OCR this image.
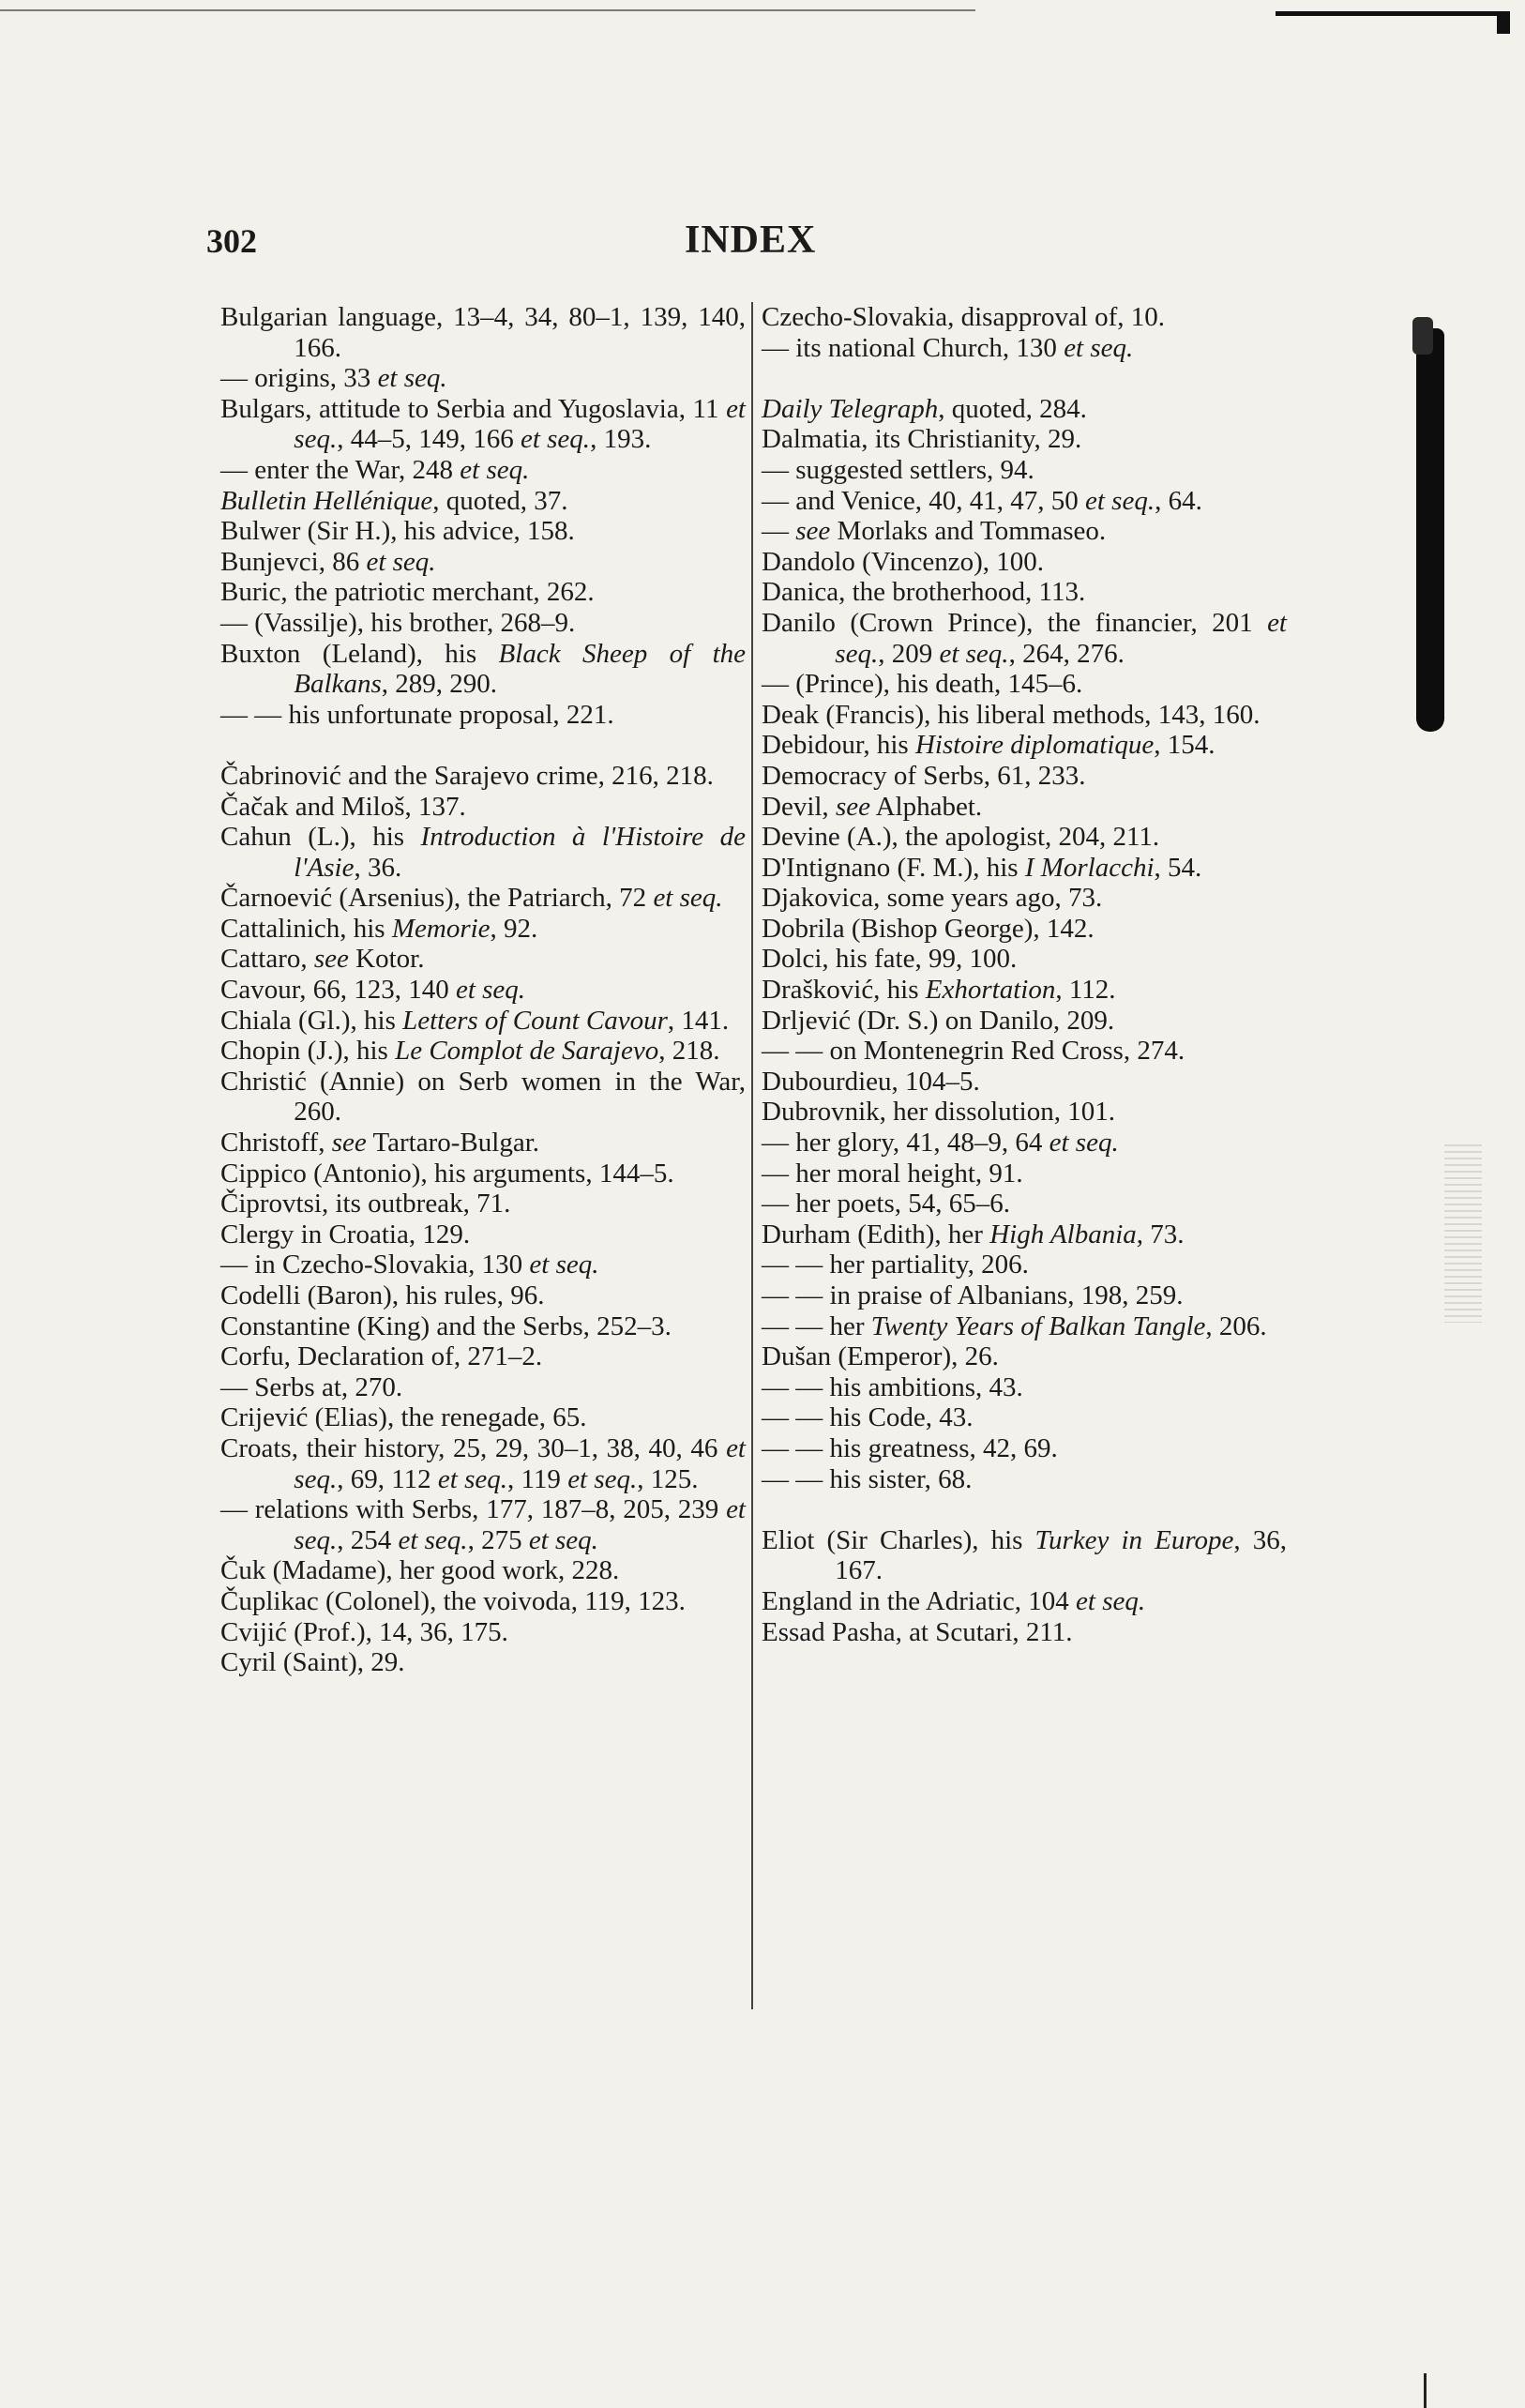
302	INDEX
Bulgarian language, 13–4, 34, 80–1, 139, 140, 166.
— origins, 33 et seq.
Bulgars, attitude to Serbia and Yugoslavia, 11 et seq., 44–5, 149, 166 et seq., 193.
— enter the War, 248 et seq.
Bulletin Hellénique, quoted, 37.
Bulwer (Sir H.), his advice, 158.
Bunjevci, 86 et seq.
Buric, the patriotic merchant, 262.
— (Vassilje), his brother, 268–9.
Buxton (Leland), his Black Sheep of the Balkans, 289, 290.
— — his unfortunate proposal, 221.
Čabrinović and the Sarajevo crime, 216, 218.
Čačak and Miloš, 137.
Cahun (L.), his Introduction à l'Histoire de l'Asie, 36.
Čarnoević (Arsenius), the Patriarch, 72 et seq.
Cattalinich, his Memorie, 92.
Cattaro, see Kotor.
Cavour, 66, 123, 140 et seq.
Chiala (Gl.), his Letters of Count Cavour, 141.
Chopin (J.), his Le Complot de Sarajevo, 218.
Christić (Annie) on Serb women in the War, 260.
Christoff, see Tartaro-Bulgar.
Cippico (Antonio), his arguments, 144–5.
Čiprovtsi, its outbreak, 71.
Clergy in Croatia, 129.
— in Czecho-Slovakia, 130 et seq.
Codelli (Baron), his rules, 96.
Constantine (King) and the Serbs, 252–3.
Corfu, Declaration of, 271–2.
— Serbs at, 270.
Crijević (Elias), the renegade, 65.
Croats, their history, 25, 29, 30–1, 38, 40, 46 et seq., 69, 112 et seq., 119 et seq., 125.
— relations with Serbs, 177, 187–8, 205, 239 et seq., 254 et seq., 275 et seq.
Čuk (Madame), her good work, 228.
Čuplikac (Colonel), the voivoda, 119, 123.
Cvijić (Prof.), 14, 36, 175.
Cyril (Saint), 29.
Czecho-Slovakia, disapproval of, 10.
— its national Church, 130 et seq.
Daily Telegraph, quoted, 284.
Dalmatia, its Christianity, 29.
— suggested settlers, 94.
— and Venice, 40, 41, 47, 50 et seq., 64.
— see Morlaks and Tommaseo.
Dandolo (Vincenzo), 100.
Danica, the brotherhood, 113.
Danilo (Crown Prince), the financier, 201 et seq., 209 et seq., 264, 276.
— (Prince), his death, 145–6.
Deak (Francis), his liberal methods, 143, 160.
Debidour, his Histoire diplomatique, 154.
Democracy of Serbs, 61, 233.
Devil, see Alphabet.
Devine (A.), the apologist, 204, 211.
D'Intignano (F. M.), his I Morlacchi, 54.
Djakovica, some years ago, 73.
Dobrila (Bishop George), 142.
Dolci, his fate, 99, 100.
Drašković, his Exhortation, 112.
Drljević (Dr. S.) on Danilo, 209.
— — on Montenegrin Red Cross, 274.
Dubourdieu, 104–5.
Dubrovnik, her dissolution, 101.
— her glory, 41, 48–9, 64 et seq.
— her moral height, 91.
— her poets, 54, 65–6.
Durham (Edith), her High Albania, 73.
— — her partiality, 206.
— — in praise of Albanians, 198, 259.
— — her Twenty Years of Balkan Tangle, 206.
Dušan (Emperor), 26.
— — his ambitions, 43.
— — his Code, 43.
— — his greatness, 42, 69.
— — his sister, 68.
Eliot (Sir Charles), his Turkey in Europe, 36, 167.
England in the Adriatic, 104 et seq.
Essad Pasha, at Scutari, 211.
